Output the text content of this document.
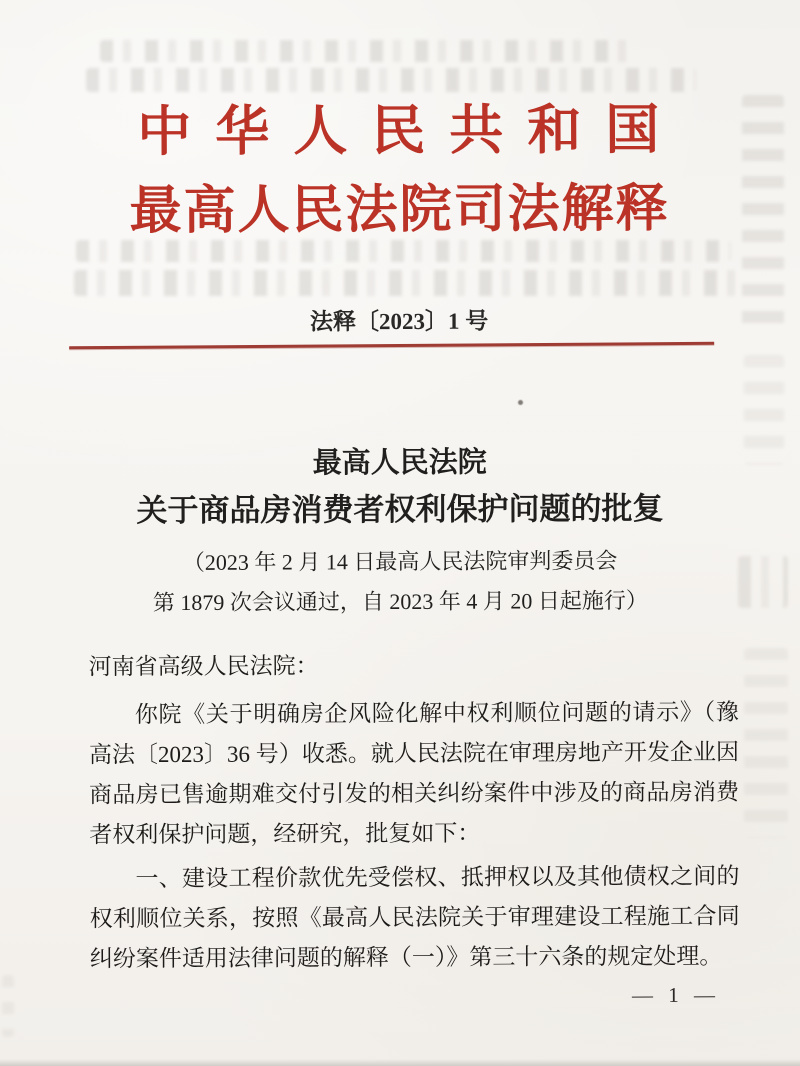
中华人民共和国
最高人民法院司法解释
法释〔2023〕1 号
最高人民法院
关于商品房消费者权利保护问题的批复
（2023 年 2 月 14 日最高人民法院审判委员会
第 1879 次会议通过，自 2023 年 4 月 20 日起施行）

河南省高级人民法院：

你院《关于明确房企风险化解中权利顺位问题的请示》（豫高法〔2023〕36 号）收悉。就人民法院在审理房地产开发企业因商品房已售逾期难交付引发的相关纠纷案件中涉及的商品房消费者权利保护问题，经研究，批复如下：

一、建设工程价款优先受偿权、抵押权以及其他债权之间的权利顺位关系，按照《最高人民法院关于审理建设工程施工合同纠纷案件适用法律问题的解释（一）》第三十六条的规定处理。

— 1 —
